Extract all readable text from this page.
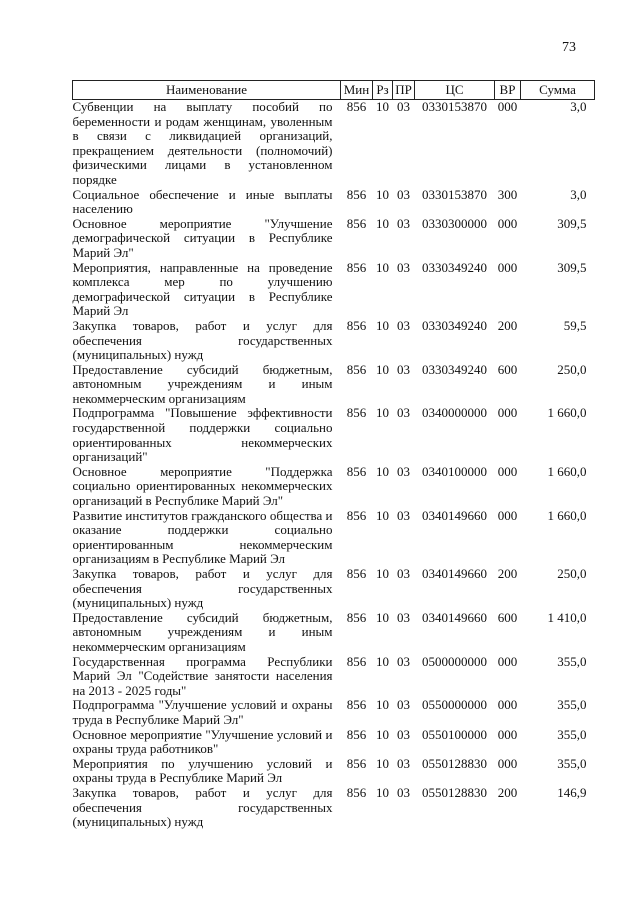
73
Наименование	Мин	Рз	ПР	ЦС	ВР	Сумма
Субвенции на выплату пособий по беременности и родам женщинам, уволенным в связи с ликвидацией организаций, прекращением деятельности (полномочий) физическими лицами в установленном порядке	856	10	03	0330153870	000	3,0
Социальное обеспечение и иные выплаты населению	856	10	03	0330153870	300	3,0
Основное мероприятие "Улучшение демографической ситуации в Республике Марий Эл"	856	10	03	0330300000	000	309,5
Мероприятия, направленные на проведение комплекса мер по улучшению демографической ситуации в Республике Марий Эл	856	10	03	0330349240	000	309,5
Закупка товаров, работ и услуг для обеспечения государственных (муниципальных) нужд	856	10	03	0330349240	200	59,5
Предоставление субсидий бюджетным, автономным учреждениям и иным некоммерческим организациям	856	10	03	0330349240	600	250,0
Подпрограмма "Повышение эффективности государственной поддержки социально ориентированных некоммерческих организаций"	856	10	03	0340000000	000	1 660,0
Основное мероприятие "Поддержка социально ориентированных некоммерческих организаций в Республике Марий Эл"	856	10	03	0340100000	000	1 660,0
Развитие институтов гражданского общества и оказание поддержки социально ориентированным некоммерческим организациям в Республике Марий Эл	856	10	03	0340149660	000	1 660,0
Закупка товаров, работ и услуг для обеспечения государственных (муниципальных) нужд	856	10	03	0340149660	200	250,0
Предоставление субсидий бюджетным, автономным учреждениям и иным некоммерческим организациям	856	10	03	0340149660	600	1 410,0
Государственная программа Республики Марий Эл "Содействие занятости населения на 2013 - 2025 годы"	856	10	03	0500000000	000	355,0
Подпрограмма "Улучшение условий и охраны труда в Республике Марий Эл"	856	10	03	0550000000	000	355,0
Основное мероприятие "Улучшение условий и охраны труда работников"	856	10	03	0550100000	000	355,0
Мероприятия по улучшению условий и охраны труда в Республике Марий Эл	856	10	03	0550128830	000	355,0
Закупка товаров, работ и услуг для обеспечения государственных (муниципальных) нужд	856	10	03	0550128830	200	146,9
